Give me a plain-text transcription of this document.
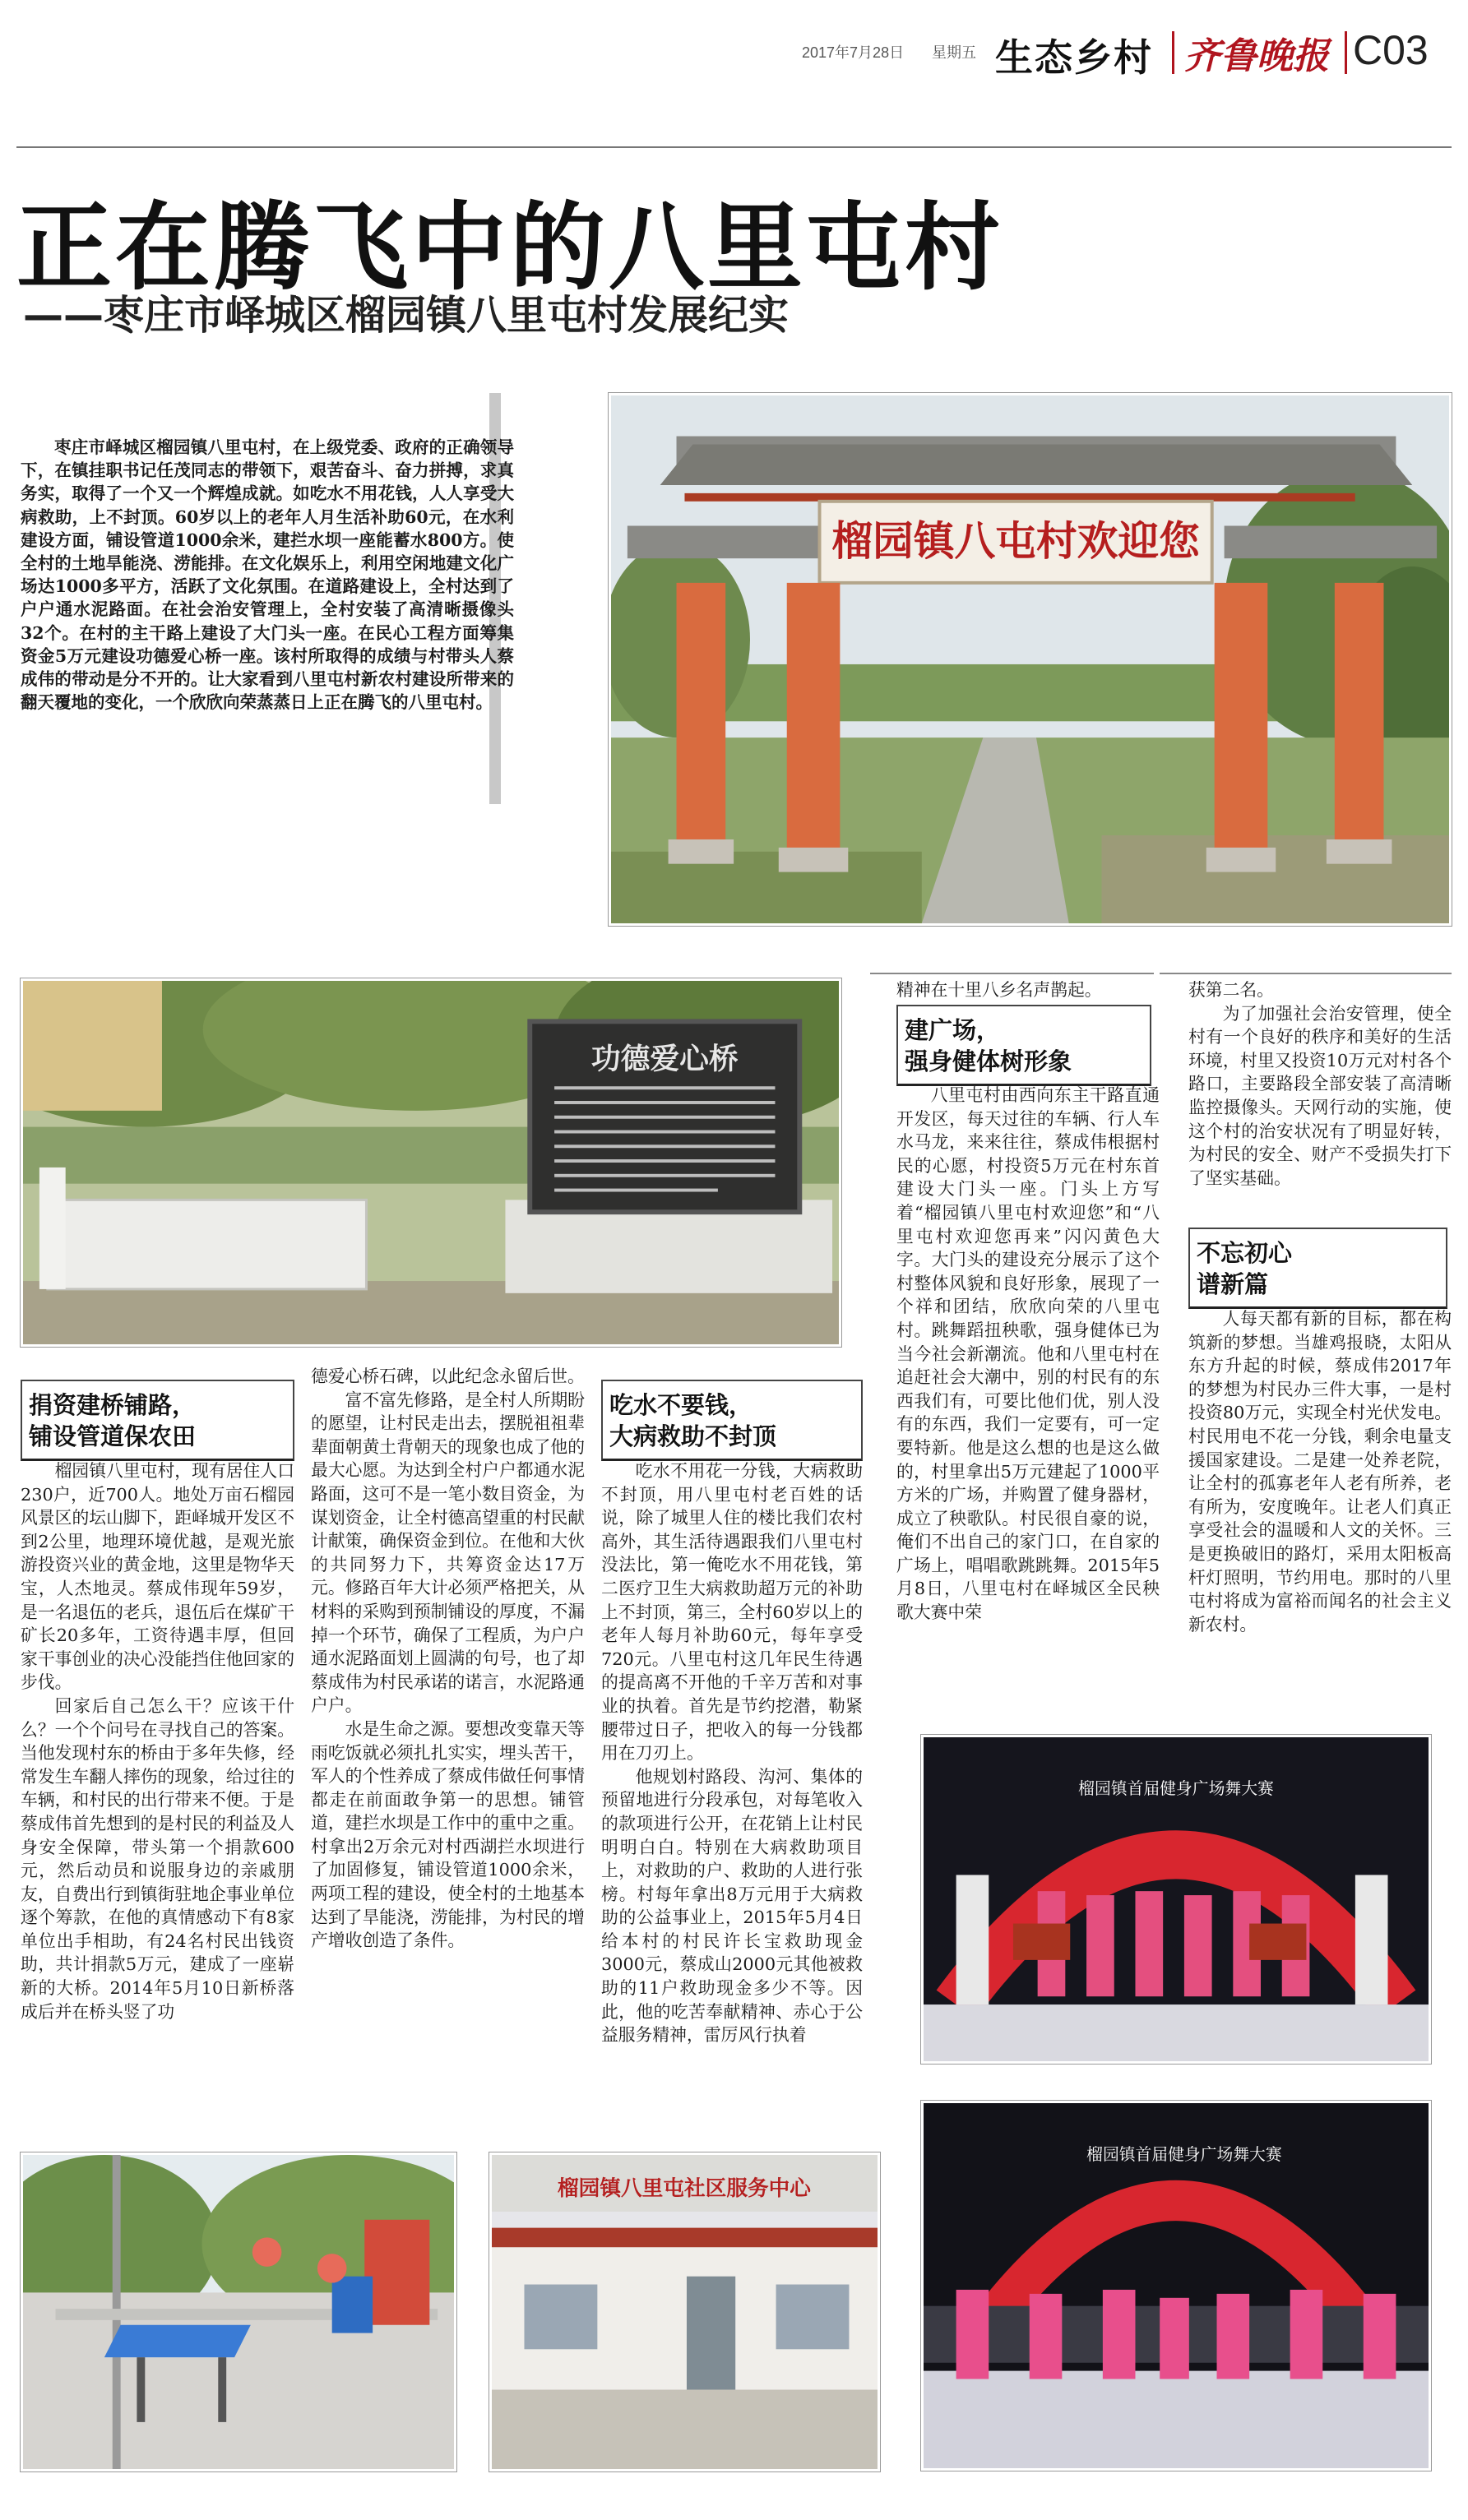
2017年7月28日 星期五 生态乡村 齐鲁晚报 C03
正在腾飞中的八里屯村
——枣庄市峄城区榴园镇八里屯村发展纪实
枣庄市峄城区榴园镇八里屯村，在上级党委、政府的正确领导下，在镇挂职书记任茂同志的带领下，艰苦奋斗、奋力拼搏，求真务实，取得了一个又一个辉煌成就。如吃水不用花钱，人人享受大病救助，上不封顶。60岁以上的老年人月生活补助60元，在水利建设方面，铺设管道1000余米，建拦水坝一座能蓄水800方。使全村的土地旱能浇、涝能排。在文化娱乐上，利用空闲地建文化广场达1000多平方，活跃了文化氛围。在道路建设上，全村达到了户户通水泥路面。在社会治安管理上，全村安装了高清晰摄像头32个。在村的主干路上建设了大门头一座。在民心工程方面筹集资金5万元建设功德爱心桥一座。该村所取得的成绩与村带头人蔡成伟的带动是分不开的。让大家看到八里屯村新农村建设所带来的翻天覆地的变化，一个欣欣向荣蒸蒸日上正在腾飞的八里屯村。
榴园镇八屯村欢迎您
功德爱心桥
榴园镇首届健身广场舞大赛
榴园镇八里屯社区服务中心
榴园镇首届健身广场舞大赛
捐资建桥铺路，
铺设管道保农田

榴园镇八里屯村，现有居住人口230户，近700人。地处万亩石榴园风景区的坛山脚下，距峄城开发区不到2公里，地理环境优越，是观光旅游投资兴业的黄金地，这里是物华天宝，人杰地灵。蔡成伟现年59岁，是一名退伍的老兵，退伍后在煤矿干矿长20多年，工资待遇丰厚，但回家干事创业的决心没能挡住他回家的步伐。

回家后自己怎么干？应该干什么？一个个问号在寻找自己的答案。当他发现村东的桥由于多年失修，经常发生车翻人摔伤的现象，给过往的车辆，和村民的出行带来不便。于是蔡成伟首先想到的是村民的利益及人身安全保障，带头第一个捐款600元，然后动员和说服身边的亲戚朋友，自费出行到镇街驻地企事业单位逐个筹款，在他的真情感动下有8家单位出手相助，有24名村民出钱资助，共计捐款5万元，建成了一座崭新的大桥。2014年5月10日新桥落成后并在桥头竖了功

德爱心桥石碑，以此纪念永留后世。

富不富先修路，是全村人所期盼的愿望，让村民走出去，摆脱祖祖辈辈面朝黄土背朝天的现象也成了他的最大心愿。为达到全村户户都通水泥路面，这可不是一笔小数目资金，为谋划资金，让全村德高望重的村民献计献策，确保资金到位。在他和大伙的共同努力下，共筹资金达17万元。修路百年大计必须严格把关，从材料的采购到预制铺设的厚度，不漏掉一个环节，确保了工程质，为户户通水泥路面划上圆满的句号，也了却蔡成伟为村民承诺的诺言，水泥路通户户。

水是生命之源。要想改变靠天等雨吃饭就必须扎扎实实，埋头苦干，军人的个性养成了蔡成伟做任何事情都走在前面敢争第一的思想。铺管道，建拦水坝是工作中的重中之重。村拿出2万余元对村西湖拦水坝进行了加固修复，铺设管道1000余米，两项工程的建设，使全村的土地基本达到了旱能浇，涝能排，为村民的增产增收创造了条件。

吃水不要钱，
大病救助不封顶

吃水不用花一分钱，大病救助不封顶，用八里屯村老百姓的话说，除了城里人住的楼比我们农村高外，其生活待遇跟我们八里屯村没法比，第一俺吃水不用花钱，第二医疗卫生大病救助超万元的补助上不封顶，第三，全村60岁以上的老年人每月补助60元，每年享受720元。八里屯村这几年民生待遇的提高离不开他的千辛万苦和对事业的执着。首先是节约挖潜，勒紧腰带过日子，把收入的每一分钱都用在刀刃上。

他规划村路段、沟河、集体的预留地进行分段承包，对每笔收入的款项进行公开，在花销上让村民明明白白。特别在大病救助项目上，对救助的户、救助的人进行张榜。村每年拿出8万元用于大病救助的公益事业上，2015年5月4日给本村的村民许长宝救助现金3000元，蔡成山2000元其他被救助的11户救助现金多少不等。因此，他的吃苦奉献精神、赤心于公益服务精神，雷厉风行执着

精神在十里八乡名声鹊起。

建广场，
强身健体树形象

八里屯村由西向东主干路直通开发区，每天过往的车辆、行人车水马龙，来来往往，蔡成伟根据村民的心愿，村投资5万元在村东首建设大门头一座。门头上方写着“榴园镇八里屯村欢迎您”和“八里屯村欢迎您再来”闪闪黄色大字。大门头的建设充分展示了这个村整体风貌和良好形象，展现了一个祥和团结，欣欣向荣的八里屯村。跳舞蹈扭秧歌，强身健体已为当今社会新潮流。他和八里屯村在追赶社会大潮中，别的村民有的东西我们有，可要比他们优，别人没有的东西，我们一定要有，可一定要特新。他是这么想的也是这么做的，村里拿出5万元建起了1000平方米的广场，并购置了健身器材，成立了秧歌队。村民很自豪的说，俺们不出自己的家门口，在自家的广场上，唱唱歌跳跳舞。2015年5月8日，八里屯村在峄城区全民秧歌大赛中荣

获第二名。

为了加强社会治安管理，使全村有一个良好的秩序和美好的生活环境，村里又投资10万元对村各个路口，主要路段全部安装了高清晰监控摄像头。天网行动的实施，使这个村的治安状况有了明显好转，为村民的安全、财产不受损失打下了坚实基础。

不忘初心
谱新篇

人每天都有新的目标，都在构筑新的梦想。当雄鸡报晓，太阳从东方升起的时候，蔡成伟2017年的梦想为村民办三件大事，一是村投资80万元，实现全村光伏发电。村民用电不花一分钱，剩余电量支援国家建设。二是建一处养老院，让全村的孤寡老年人老有所养，老有所为，安度晚年。让老人们真正享受社会的温暖和人文的关怀。三是更换破旧的路灯，采用太阳板高杆灯照明，节约用电。那时的八里屯村将成为富裕而闻名的社会主义新农村。
